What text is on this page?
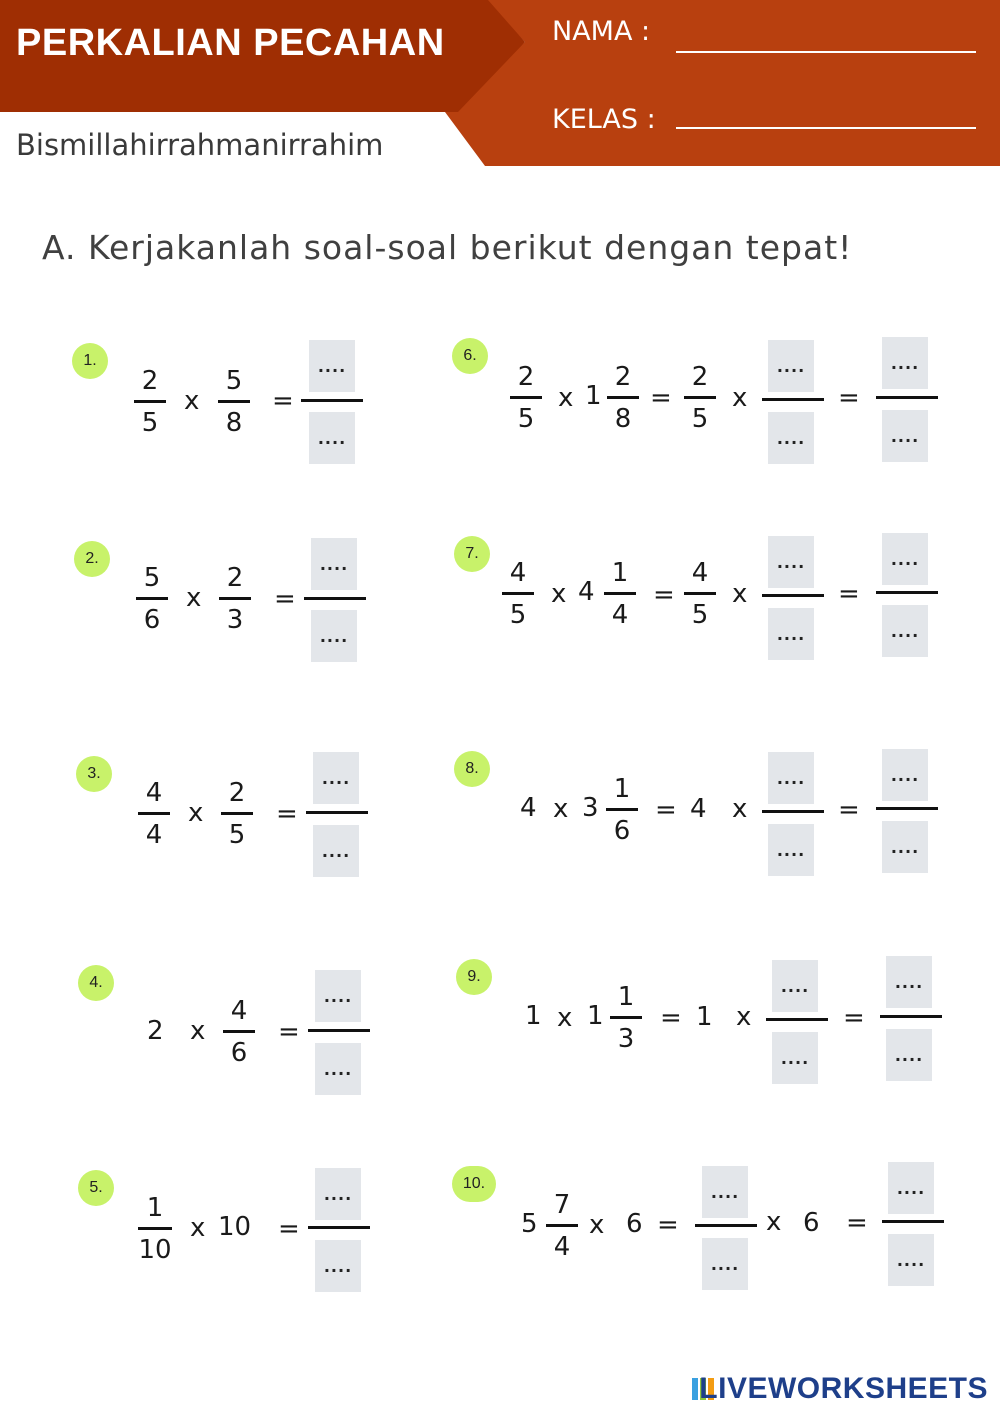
PERKALIAN PECAHAN
Bismillahirrahmanirrahim
NAMA :
KELAS :
A. Kerjakanlah soal-soal berikut dengan tepat!
1.
2
5
x
5
8
=
....
....
2.
5
6
x
2
3
=
....
....
3.
4
4
x
2
5
=
....
....
4.
2 x
4
6
=
....
....
5.
1
10
x 10 =
....
....
6.
2
5
x 1
2
8
=
2
5
x
....
....
=
....
....
7.
4
5
x 4
1
4
=
4
5
x
....
....
=
....
....
8.
4 x 3
1
6
= 4 x
....
....
=
....
....
9.
1 x 1
1
3
= 1 x
....
....
=
....
....
10.
5
7
4
x 6 =
....
....
x 6 =
....
....
LIVEWORKSHEETS
